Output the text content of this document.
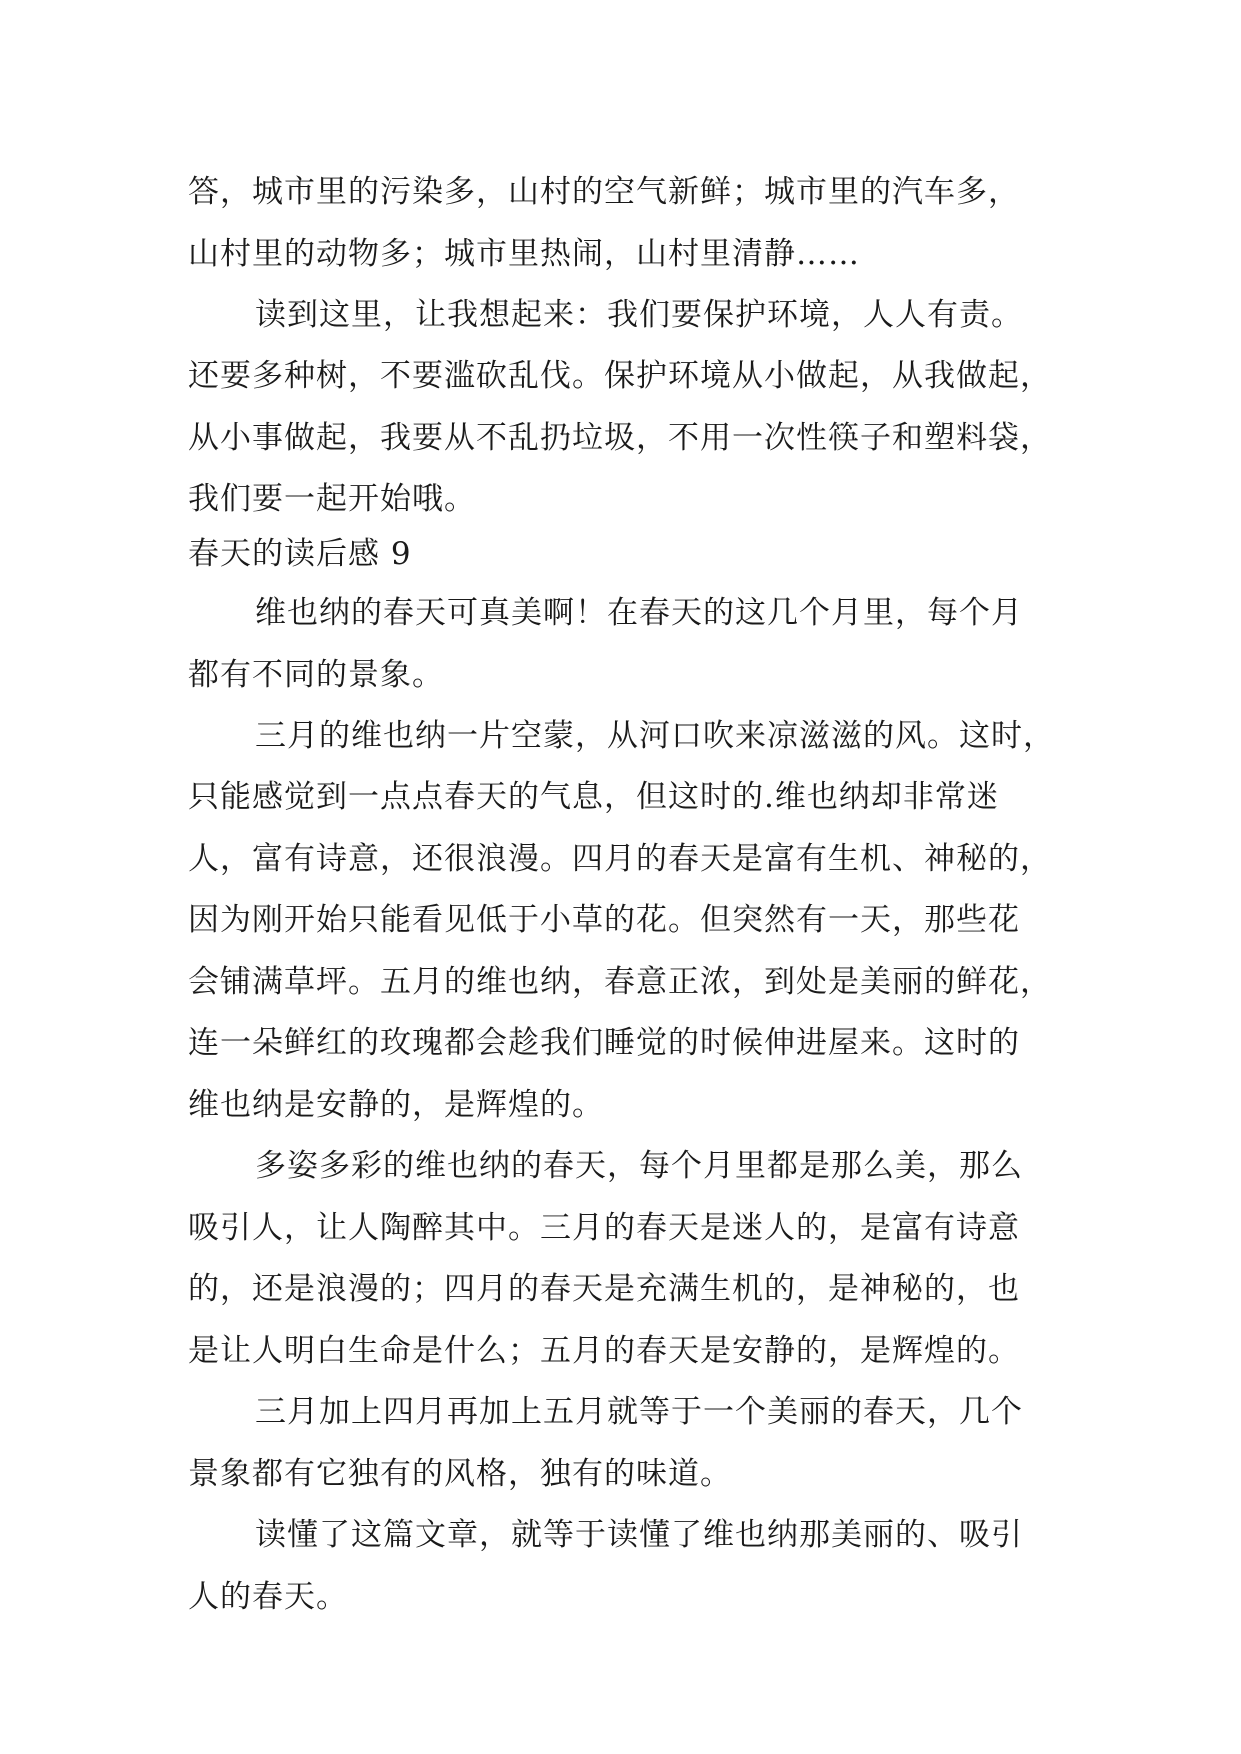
答，城市里的污染多，山村的空气新鲜；城市里的汽车多，
山村里的动物多；城市里热闹，山村里清静……
读到这里，让我想起来：我们要保护环境，人人有责。
还要多种树，不要滥砍乱伐。保护环境从小做起，从我做起，
从小事做起，我要从不乱扔垃圾，不用一次性筷子和塑料袋，
我们要一起开始哦。
春天的读后感 9
维也纳的春天可真美啊！在春天的这几个月里，每个月
都有不同的景象。
三月的维也纳一片空蒙，从河口吹来凉滋滋的风。这时，
只能感觉到一点点春天的气息，但这时的.维也纳却非常迷
人，富有诗意，还很浪漫。四月的春天是富有生机、神秘的，
因为刚开始只能看见低于小草的花。但突然有一天，那些花
会铺满草坪。五月的维也纳，春意正浓，到处是美丽的鲜花，
连一朵鲜红的玫瑰都会趁我们睡觉的时候伸进屋来。这时的
维也纳是安静的，是辉煌的。
多姿多彩的维也纳的春天，每个月里都是那么美，那么
吸引人，让人陶醉其中。三月的春天是迷人的，是富有诗意
的，还是浪漫的；四月的春天是充满生机的，是神秘的，也
是让人明白生命是什么；五月的春天是安静的，是辉煌的。
三月加上四月再加上五月就等于一个美丽的春天，几个
景象都有它独有的风格，独有的味道。
读懂了这篇文章，就等于读懂了维也纳那美丽的、吸引
人的春天。
